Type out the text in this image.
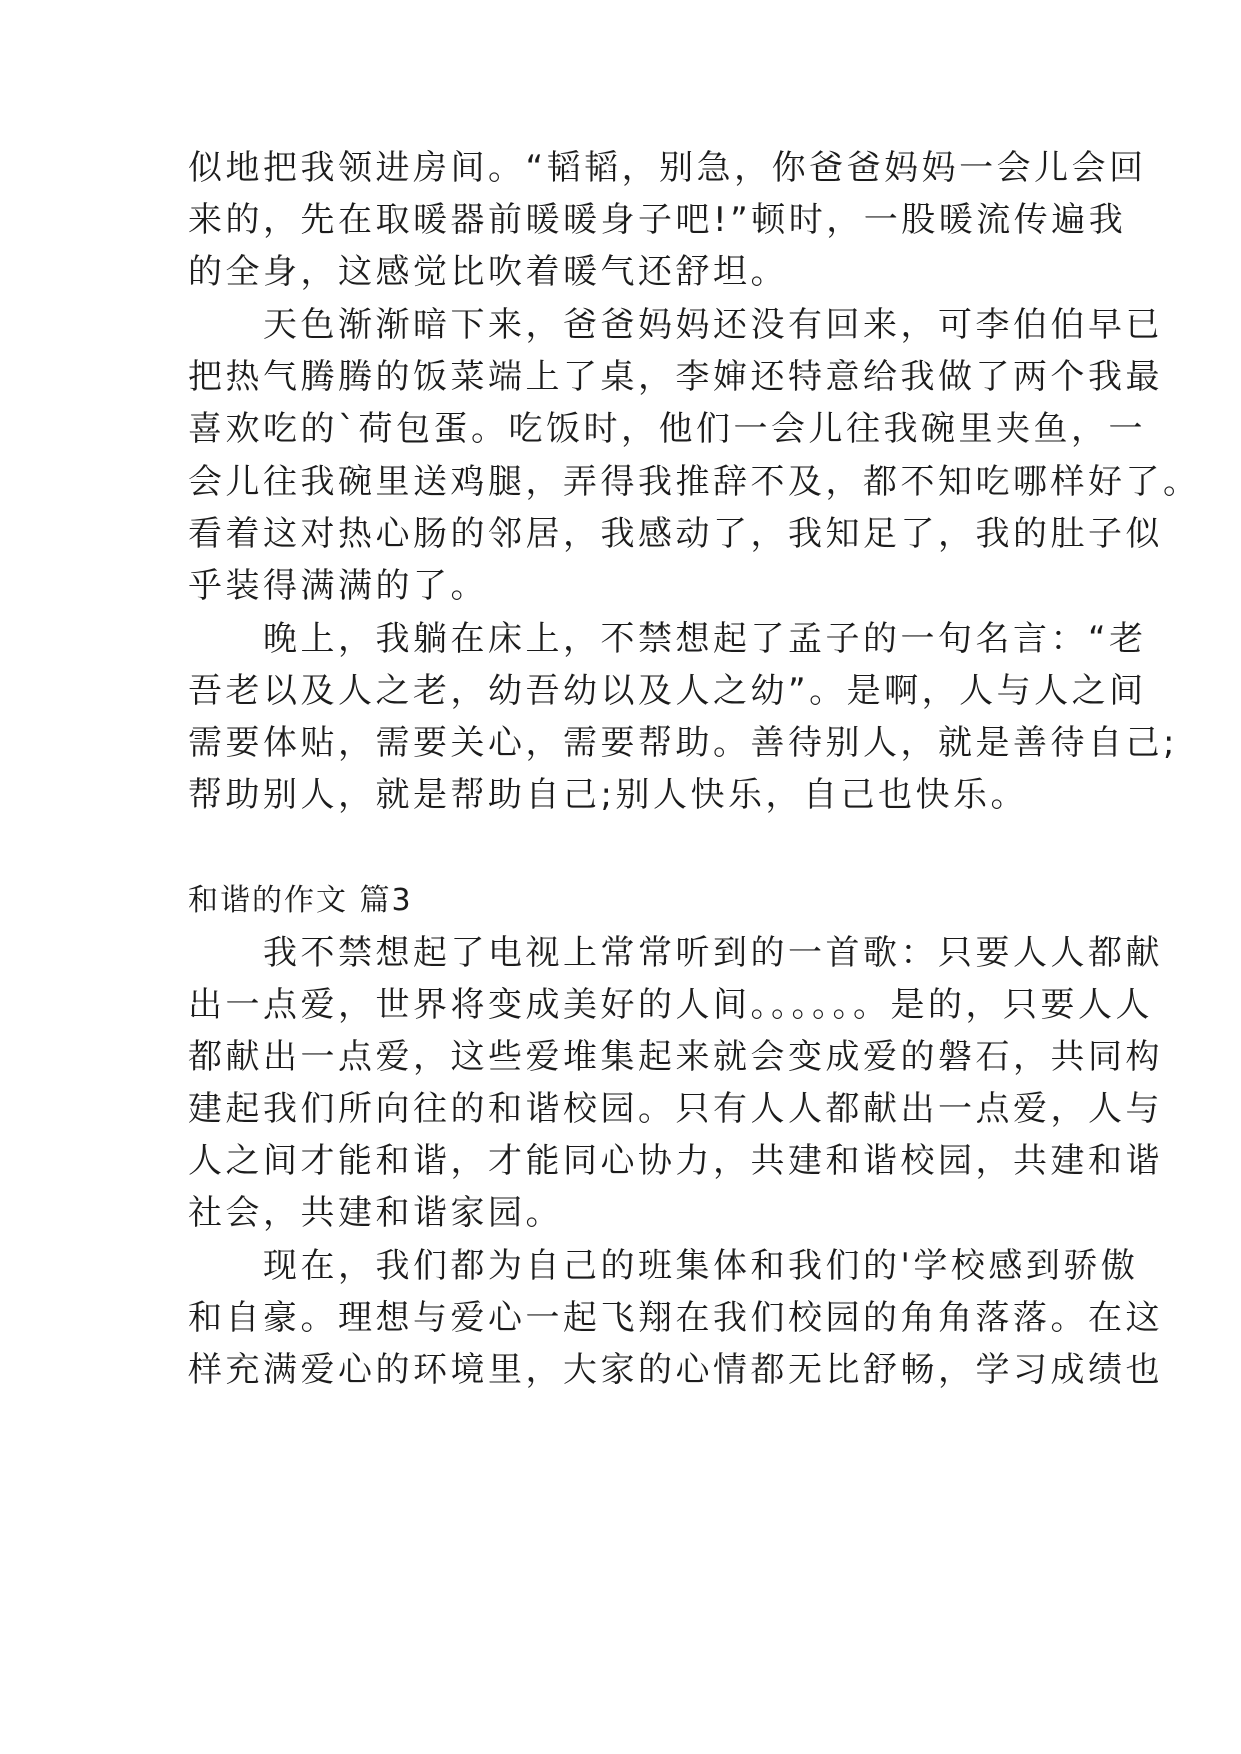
似地把我领进房间。“韬韬，别急，你爸爸妈妈一会儿会回
来的，先在取暖器前暖暖身子吧!”顿时，一股暖流传遍我
的全身，这感觉比吹着暖气还舒坦。
　　天色渐渐暗下来，爸爸妈妈还没有回来，可李伯伯早已
把热气腾腾的饭菜端上了桌，李婶还特意给我做了两个我最
喜欢吃的`荷包蛋。吃饭时，他们一会儿往我碗里夹鱼，一
会儿往我碗里送鸡腿，弄得我推辞不及，都不知吃哪样好了。
看着这对热心肠的邻居，我感动了，我知足了，我的肚子似
乎装得满满的了。
　　晚上，我躺在床上，不禁想起了孟子的一句名言：“老
吾老以及人之老，幼吾幼以及人之幼”。是啊，人与人之间
需要体贴，需要关心，需要帮助。善待别人，就是善待自己;
帮助别人，就是帮助自己;别人快乐，自己也快乐。
和谐的作文 篇3
　　我不禁想起了电视上常常听到的一首歌：只要人人都献
出一点爱，世界将变成美好的人间。。。。。。是的，只要人人
都献出一点爱，这些爱堆集起来就会变成爱的磐石，共同构
建起我们所向往的和谐校园。只有人人都献出一点爱，人与
人之间才能和谐，才能同心协力，共建和谐校园，共建和谐
社会，共建和谐家园。
　　现在，我们都为自己的班集体和我们的'学校感到骄傲
和自豪。理想与爱心一起飞翔在我们校园的角角落落。在这
样充满爱心的环境里，大家的心情都无比舒畅，学习成绩也
